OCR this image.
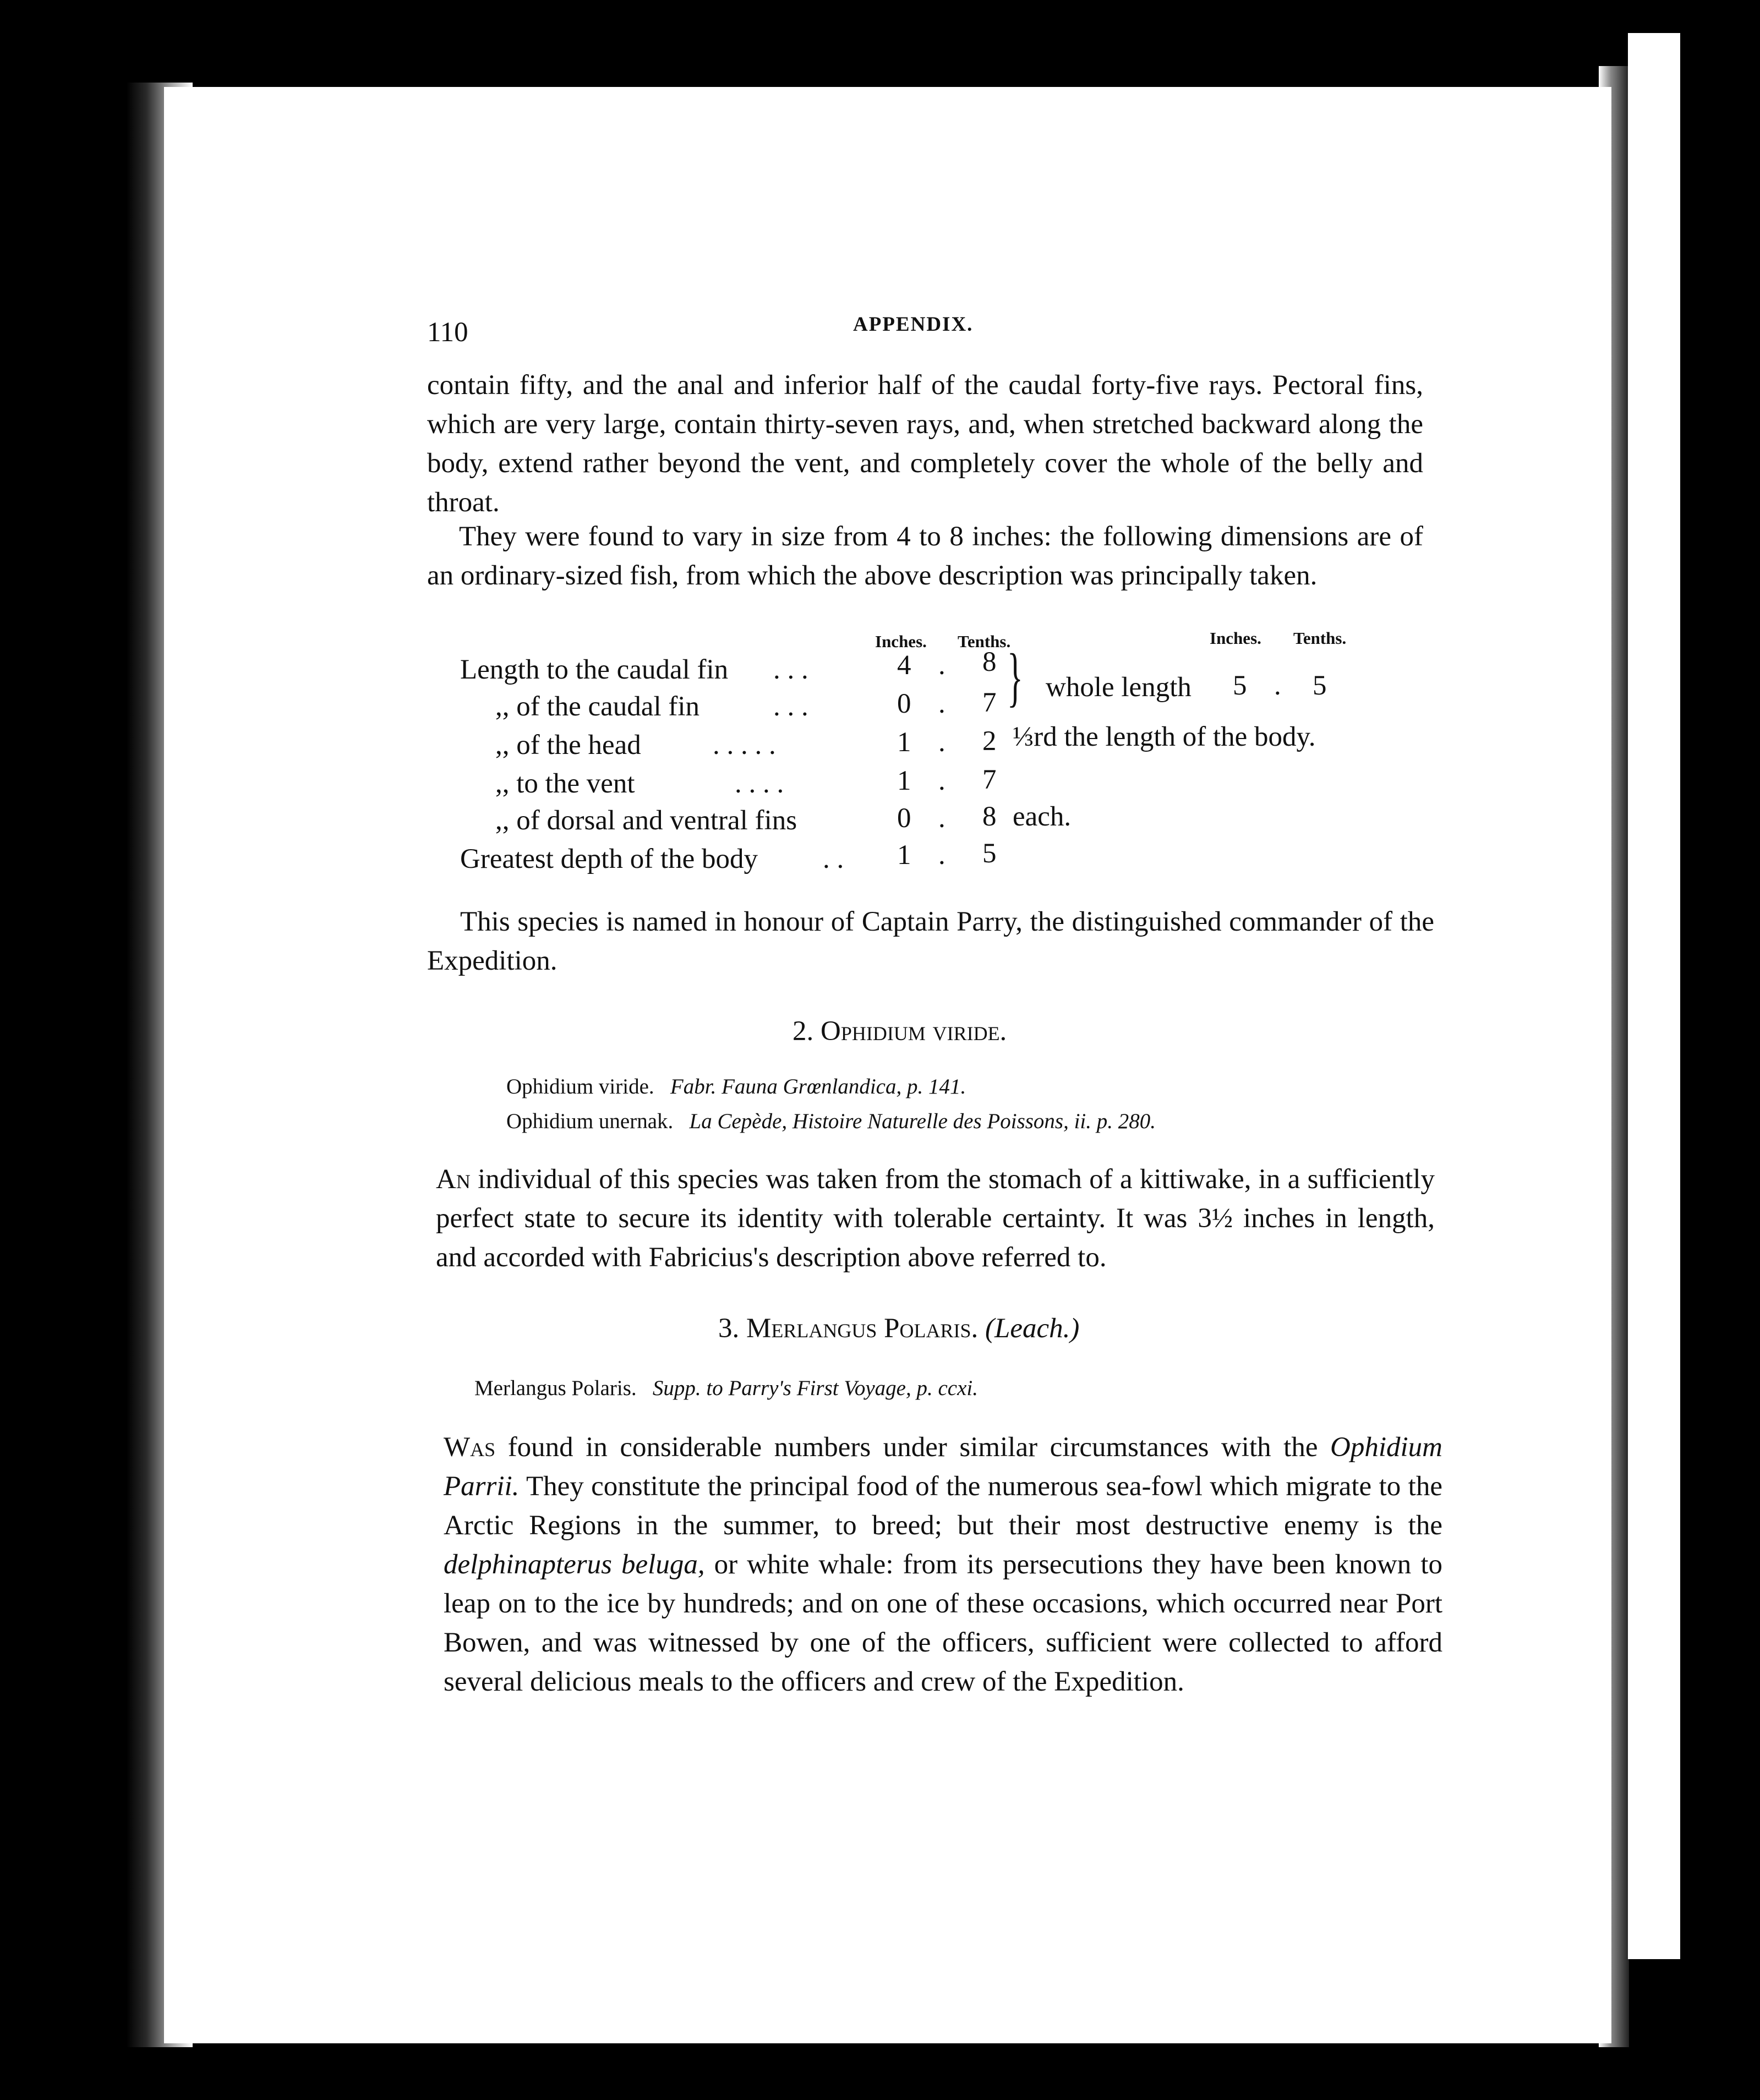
110	APPENDIX.

contain fifty, and the anal and inferior half of the caudal forty-five rays. Pectoral fins, which are very large, contain thirty-seven rays, and, when stretched backward along the body, extend rather beyond the vent, and completely cover the whole of the belly and throat.

They were found to vary in size from 4 to 8 inches: the following dimensions are of an ordinary-sized fish, from which the above description was principally taken.

Inches. Tenths.	Inches. Tenths.
Length to the caudal fin . . .	4 . 8
,, of the caudal fin	. . .	0 . 7 } whole length 5 . 5
,, of the head	. . . . .	1 . 2 ⅓rd the length of the body.
,, to the vent	. . . .	1 . 7
,, of dorsal and ventral fins	0 . 8 each.
Greatest depth of the body . . 1 . 5

This species is named in honour of Captain Parry, the distinguished commander of the Expedition.

2. Ophidium viride.
Ophidium viride. Fabr. Fauna Grœnlandica, p. 141.
Ophidium unernak. La Cepède, Histoire Naturelle des Poissons, ii. p. 280.

An individual of this species was taken from the stomach of a kittiwake, in a sufficiently perfect state to secure its identity with tolerable certainty. It was 3½ inches in length, and accorded with Fabricius's description above referred to.

3. Merlangus Polaris. (Leach.)
Merlangus Polaris. Supp. to Parry's First Voyage, p. ccxi.

Was found in considerable numbers under similar circumstances with the Ophidium Parrii. They constitute the principal food of the numerous sea-fowl which migrate to the Arctic Regions in the summer, to breed; but their most destructive enemy is the delphinapterus beluga, or white whale: from its persecutions they have been known to leap on to the ice by hundreds; and on one of these occasions, which occurred near Port Bowen, and was witnessed by one of the officers, sufficient were collected to afford several delicious meals to the officers and crew of the Expedition.
